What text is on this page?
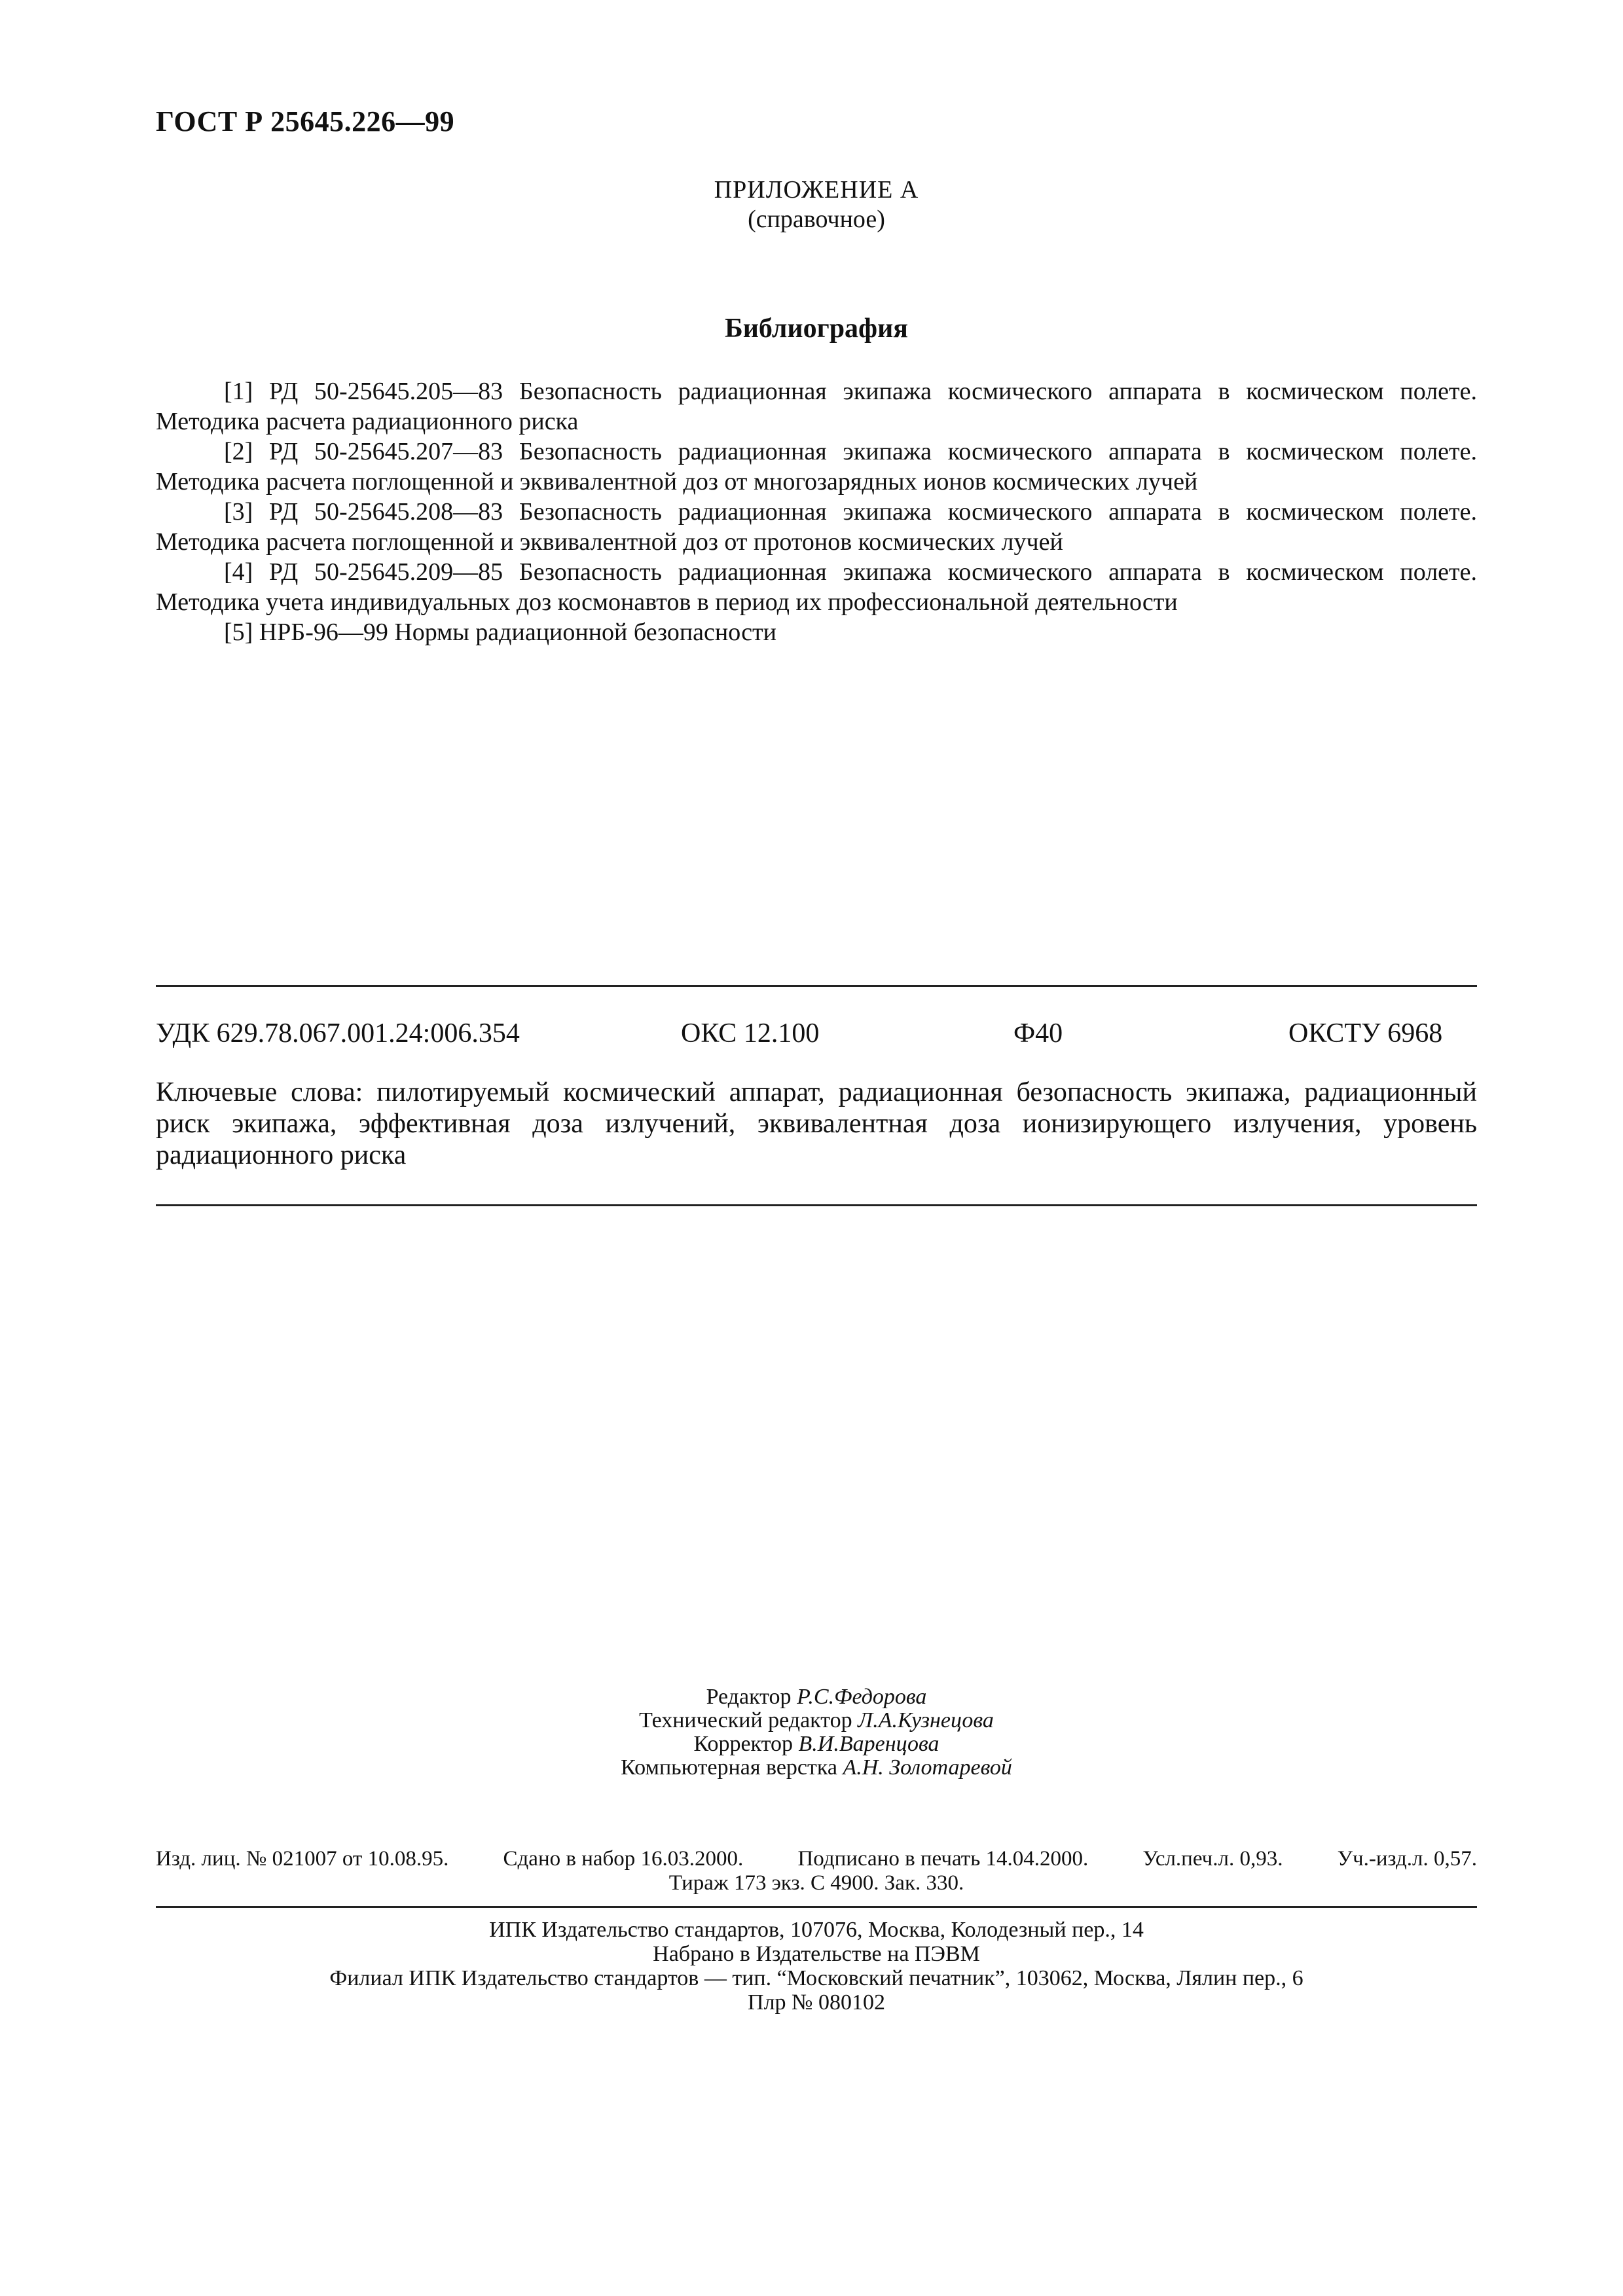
ГОСТ Р 25645.226—99
ПРИЛОЖЕНИЕ А
(справочное)
Библиография

[1] РД 50-25645.205—83 Безопасность радиационная экипажа космического аппарата в космическом полете. Методика расчета радиационного риска

[2] РД 50-25645.207—83 Безопасность радиационная экипажа космического аппарата в космическом полете. Методика расчета поглощенной и эквивалентной доз от многозарядных ионов космических лучей

[3] РД 50-25645.208—83 Безопасность радиационная экипажа космического аппарата в космическом полете. Методика расчета поглощенной и эквивалентной доз от протонов космических лучей

[4] РД 50-25645.209—85 Безопасность радиационная экипажа космического аппарата в космическом полете. Методика учета индивидуальных доз космонавтов в период их профессиональной деятельности

[5] НРБ-96—99 Нормы радиационной безопасности

УДК 629.78.067.001.24:006.354	ОКС 12.100	Ф40	ОКСТУ 6968
Ключевые слова: пилотируемый космический аппарат, радиационная безопасность экипажа, радиационный риск экипажа, эффективная доза излучений, эквивалентная доза ионизирующего излучения, уровень радиационного риска
Редактор Р.С.Федорова
Технический редактор Л.А.Кузнецова
Корректор В.И.Варенцова
Компьютерная верстка А.Н. Золотаревой
Изд. лиц. № 021007 от 10.08.95.	Сдано в набор 16.03.2000.	Подписано в печать 14.04.2000.	Усл.печ.л. 0,93.	Уч.-изд.л. 0,57.
Тираж 173 экз. С 4900. Зак. 330.
ИПК Издательство стандартов, 107076, Москва, Колодезный пер., 14
Набрано в Издательстве на ПЭВМ
Филиал ИПК Издательство стандартов — тип. “Московский печатник”, 103062, Москва, Лялин пер., 6
Плр № 080102
